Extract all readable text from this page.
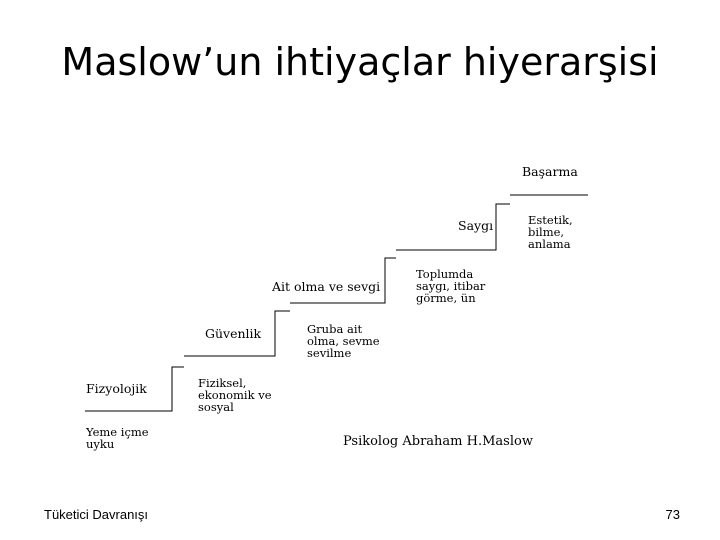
Maslow’un ihtiyaçlar hiyerarşisi
Fizyolojik
Yeme içme
uyku
Güvenlik
Fiziksel,
ekonomik ve
sosyal
Ait olma ve sevgi
Gruba ait
olma, sevme
sevilme
Saygı
Toplumda
saygı, itibar
görme, ün
Başarma
Estetik,
bilme,
anlama
Psikolog Abraham H.Maslow
Tüketici Davranışı	73
